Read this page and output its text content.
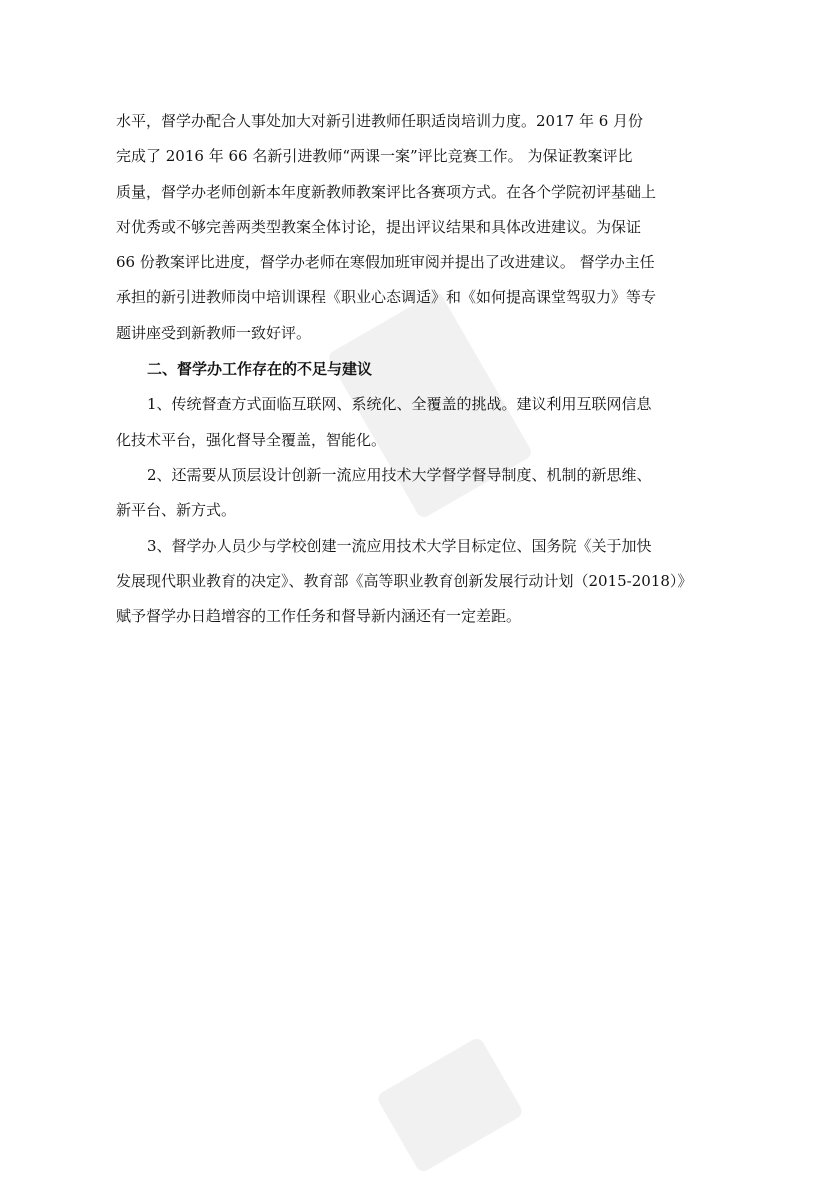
水平，督学办配合人事处加大对新引进教师任职适岗培训力度。2017 年 6 月份
完成了 2016 年 66 名新引进教师“两课一案”评比竞赛工作。 为保证教案评比
质量，督学办老师创新本年度新教师教案评比各赛项方式。在各个学院初评基础上
对优秀或不够完善两类型教案全体讨论，提出评议结果和具体改进建议。为保证
66 份教案评比进度，督学办老师在寒假加班审阅并提出了改进建议。 督学办主任
承担的新引进教师岗中培训课程《职业心态调适》和《如何提高课堂驾驭力》等专
题讲座受到新教师一致好评。

二、督学办工作存在的不足与建议

1、传统督查方式面临互联网、系统化、全覆盖的挑战。建议利用互联网信息
化技术平台，强化督导全覆盖，智能化。

2、还需要从顶层设计创新一流应用技术大学督学督导制度、机制的新思维、
新平台、新方式。

3、督学办人员少与学校创建一流应用技术大学目标定位、国务院《关于加快
发展现代职业教育的决定》、教育部《高等职业教育创新发展行动计划（2015-2018）》
赋予督学办日趋增容的工作任务和督导新内涵还有一定差距。
